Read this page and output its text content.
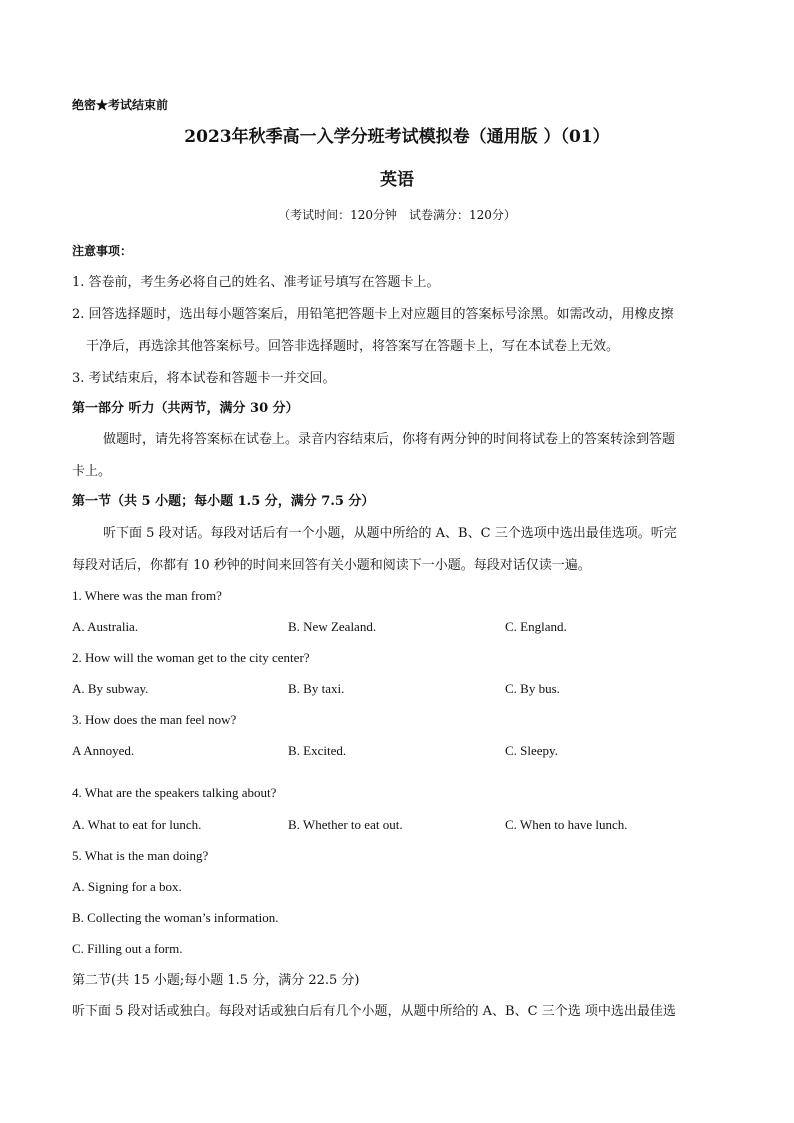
绝密★考试结束前
2023年秋季高一入学分班考试模拟卷（通用版 ）（01）
英语
（考试时间：120分钟　试卷满分：120分）
注意事项：
1. 答卷前，考生务必将自己的姓名、准考证号填写在答题卡上。
2. 回答选择题时，选出每小题答案后，用铅笔把答题卡上对应题目的答案标号涂黑。如需改动，用橡皮擦
干净后，再选涂其他答案标号。回答非选择题时，将答案写在答题卡上，写在本试卷上无效。
3. 考试结束后，将本试卷和答题卡一并交回。
第一部分 听力（共两节，满分 30 分）
做题时，请先将答案标在试卷上。录音内容结束后，你将有两分钟的时间将试卷上的答案转涂到答题
卡上。
第一节（共 5 小题；每小题 1.5 分，满分 7.5 分）
听下面 5 段对话。每段对话后有一个小题，从题中所给的 A、B、C 三个选项中选出最佳选项。听完
每段对话后，你都有 10 秒钟的时间来回答有关小题和阅读下一小题。每段对话仅读一遍。
1. Where was the man from?
A. Australia.	B. New Zealand.	C. England.
2. How will the woman get to the city center?
A. By subway.	B. By taxi.	C. By bus.
3. How does the man feel now?
A Annoyed.	B. Excited.	C. Sleepy.
4. What are the speakers talking about?
A. What to eat for lunch.	B. Whether to eat out.	C. When to have lunch.
5. What is the man doing?
A. Signing for a box.
B. Collecting the woman’s information.
C. Filling out a form.
第二节(共 15 小题;每小题 1.5 分，满分 22.5 分)
听下面 5 段对话或独白。每段对话或独白后有几个小题，从题中所给的 A、B、C 三个选 项中选出最佳选
